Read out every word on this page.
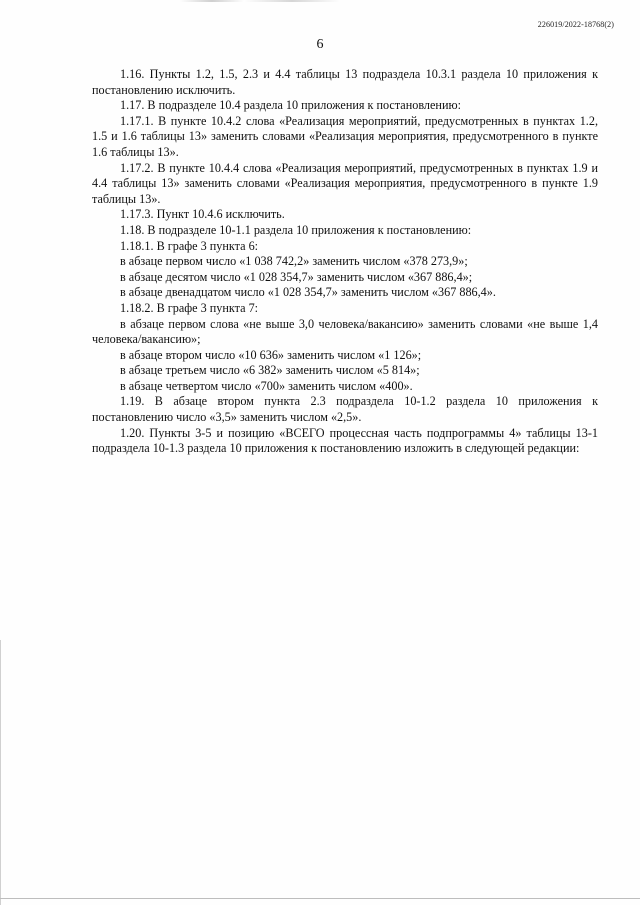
226019/2022-18768(2)
6

1.16. Пункты 1.2, 1.5, 2.3 и 4.4 таблицы 13 подраздела 10.3.1 раздела 10 приложения к постановлению исключить.

1.17. В подразделе 10.4 раздела 10 приложения к постановлению:

1.17.1. В пункте 10.4.2 слова «Реализация мероприятий, предусмотренных в пунктах 1.2, 1.5 и 1.6 таблицы 13» заменить словами «Реализация мероприятия, предусмотренного в пункте 1.6 таблицы 13».

1.17.2. В пункте 10.4.4 слова «Реализация мероприятий, предусмотренных в пунктах 1.9 и 4.4 таблицы 13» заменить словами «Реализация мероприятия, предусмотренного в пункте 1.9 таблицы 13».

1.17.3. Пункт 10.4.6 исключить.

1.18. В подразделе 10-1.1 раздела 10 приложения к постановлению:

1.18.1. В графе 3 пункта 6:

в абзаце первом число «1 038 742,2» заменить числом «378 273,9»;

в абзаце десятом число «1 028 354,7» заменить числом «367 886,4»;

в абзаце двенадцатом число «1 028 354,7» заменить числом «367 886,4».

1.18.2. В графе 3 пункта 7:

в абзаце первом слова «не выше 3,0 человека/вакансию» заменить словами «не выше 1,4 человека/вакансию»;

в абзаце втором число «10 636» заменить числом «1 126»;

в абзаце третьем число «6 382» заменить числом «5 814»;

в абзаце четвертом число «700» заменить числом «400».

1.19. В абзаце втором пункта 2.3 подраздела 10-1.2 раздела 10 приложения к постановлению число «3,5» заменить числом «2,5».

1.20. Пункты 3-5 и позицию «ВСЕГО процессная часть подпрограммы 4» таблицы 13-1 подраздела 10-1.3 раздела 10 приложения к постановлению изложить в следующей редакции:
